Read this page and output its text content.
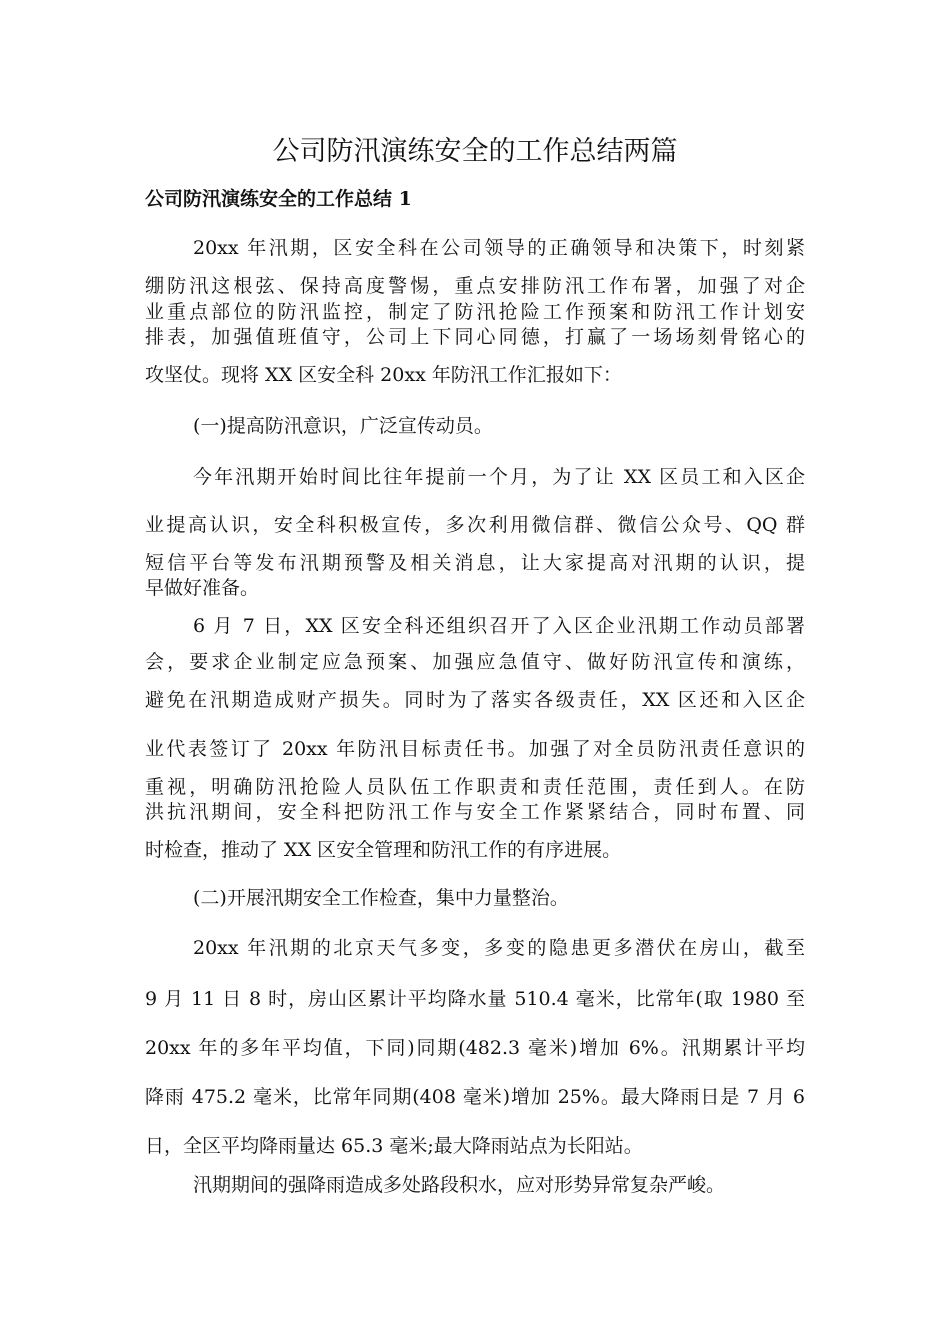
公司防汛演练安全的工作总结两篇
公司防汛演练安全的工作总结 1
20xx 年汛期，区安全科在公司领导的正确领导和决策下，时刻紧
绷防汛这根弦、保持高度警惕，重点安排防汛工作布署，加强了对企
业重点部位的防汛监控，制定了防汛抢险工作预案和防汛工作计划安
排表，加强值班值守，公司上下同心同德，打赢了一场场刻骨铭心的
攻坚仗。现将 XX 区安全科 20xx 年防汛工作汇报如下：
(一)提高防汛意识，广泛宣传动员。
今年汛期开始时间比往年提前一个月，为了让 XX 区员工和入区企
业提高认识，安全科积极宣传，多次利用微信群、微信公众号、QQ 群
短信平台等发布汛期预警及相关消息，让大家提高对汛期的认识，提
早做好准备。
6 月 7 日，XX 区安全科还组织召开了入区企业汛期工作动员部署
会，要求企业制定应急预案、加强应急值守、做好防汛宣传和演练，
避免在汛期造成财产损失。同时为了落实各级责任，XX 区还和入区企
业代表签订了 20xx 年防汛目标责任书。加强了对全员防汛责任意识的
重视，明确防汛抢险人员队伍工作职责和责任范围，责任到人。在防
洪抗汛期间，安全科把防汛工作与安全工作紧紧结合，同时布置、同
时检查，推动了 XX 区安全管理和防汛工作的有序进展。
(二)开展汛期安全工作检查，集中力量整治。
20xx 年汛期的北京天气多变，多变的隐患更多潜伏在房山，截至
9 月 11 日 8 时，房山区累计平均降水量 510.4 毫米，比常年(取 1980 至
20xx 年的多年平均值，下同)同期(482.3 毫米)增加 6%。汛期累计平均
降雨 475.2 毫米，比常年同期(408 毫米)增加 25%。最大降雨日是 7 月 6
日，全区平均降雨量达 65.3 毫米;最大降雨站点为长阳站。
汛期期间的强降雨造成多处路段积水，应对形势异常复杂严峻。
